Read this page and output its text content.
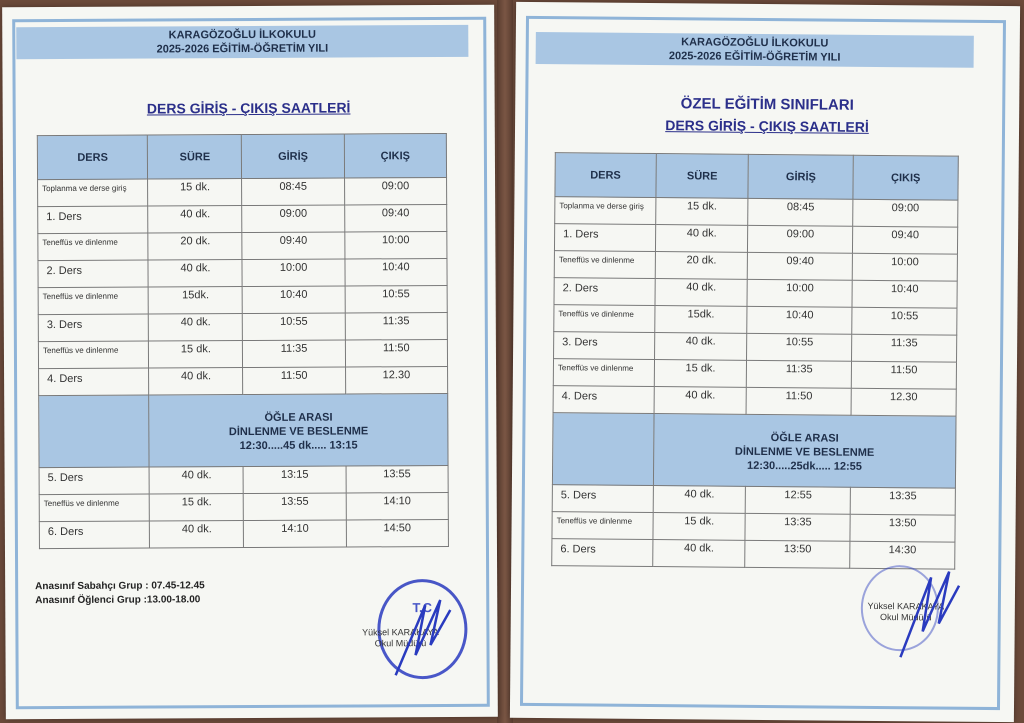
KARAGÖZOĞLU İLKOKULU
2025-2026 EĞİTİM-ÖĞRETİM YILI
DERS GİRİŞ - ÇIKIŞ SAATLERİ
DERS	SÜRE	GİRİŞ	ÇIKIŞ
Toplanma ve derse giriş	15 dk.	08:45	09:00
1. Ders	40 dk.	09:00	09:40
Teneffüs ve dinlenme	20 dk.	09:40	10:00
2. Ders	40 dk.	10:00	10:40
Teneffüs ve dinlenme	15dk.	10:40	10:55
3. Ders	40 dk.	10:55	11:35
Teneffüs ve dinlenme	15 dk.	11:35	11:50
4. Ders	40 dk.	11:50	12.30

	ÖĞLE ARASI
DİNLENME VE BESLENME
12:30.....45 dk..... 13:15		

5. Ders	40 dk.	13:15	13:55
Teneffüs ve dinlenme	15 dk.	13:55	14:10
6. Ders	40 dk.	14:10	14:50
Anasınıf Sabahçı Grup : 07.45-12.45
Anasınıf Öğlenci Grup :13.00-18.00	T.C
Yüksel KARAKAYA
Okul Müdürü
KARAGÖZOĞLU İLKOKULU
2025-2026 EĞİTİM-ÖĞRETİM YILI
ÖZEL EĞİTİM SINIFLARI
DERS GİRİŞ - ÇIKIŞ SAATLERİ
DERS	SÜRE	GİRİŞ	ÇIKIŞ
Toplanma ve derse giriş	15 dk.	08:45	09:00
1. Ders	40 dk.	09:00	09:40
Teneffüs ve dinlenme	20 dk.	09:40	10:00
2. Ders	40 dk.	10:00	10:40
Teneffüs ve dinlenme	15dk.	10:40	10:55
3. Ders	40 dk.	10:55	11:35
Teneffüs ve dinlenme	15 dk.	11:35	11:50
4. Ders	40 dk.	11:50	12.30

	ÖĞLE ARASI
DİNLENME VE BESLENME
12:30.....25dk..... 12:55		

5. Ders	40 dk.	12:55	13:35
Teneffüs ve dinlenme	15 dk.	13:35	13:50
6. Ders	40 dk.	13:50	14:30
Yüksel KARAKAYA
Okul Müdürü
